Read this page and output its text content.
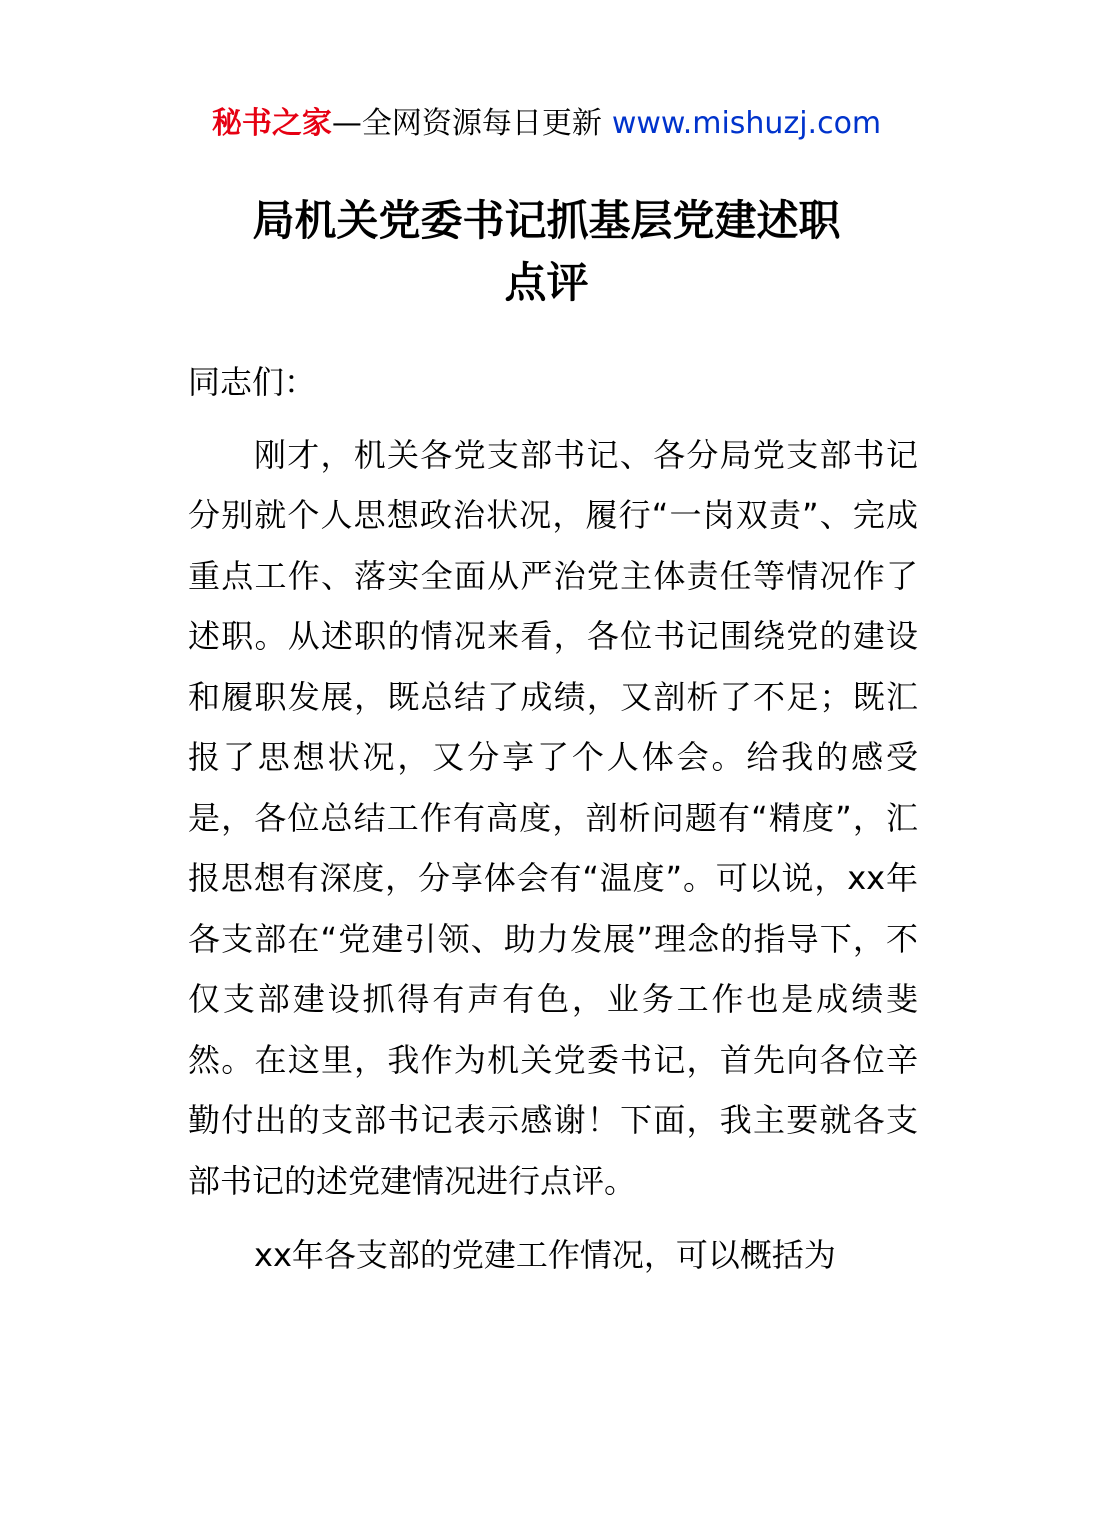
秘书之家—全网资源每日更新 www.mishuzj.com
局机关党委书记抓基层党建述职
点评

同志们：

刚才，机关各党支部书记、各分局党支部书记分别就个人思想政治状况，履行“一岗双责”、完成重点工作、落实全面从严治党主体责任等情况作了述职。从述职的情况来看，各位书记围绕党的建设和履职发展，既总结了成绩，又剖析了不足；既汇报了思想状况，又分享了个人体会。给我的感受是，各位总结工作有高度，剖析问题有“精度”，汇报思想有深度，分享体会有“温度”。可以说，xx年各支部在“党建引领、助力发展”理念的指导下，不仅支部建设抓得有声有色，业务工作也是成绩斐然。在这里，我作为机关党委书记，首先向各位辛勤付出的支部书记表示感谢！下面，我主要就各支部书记的述党建情况进行点评。

xx年各支部的党建工作情况，可以概括为
